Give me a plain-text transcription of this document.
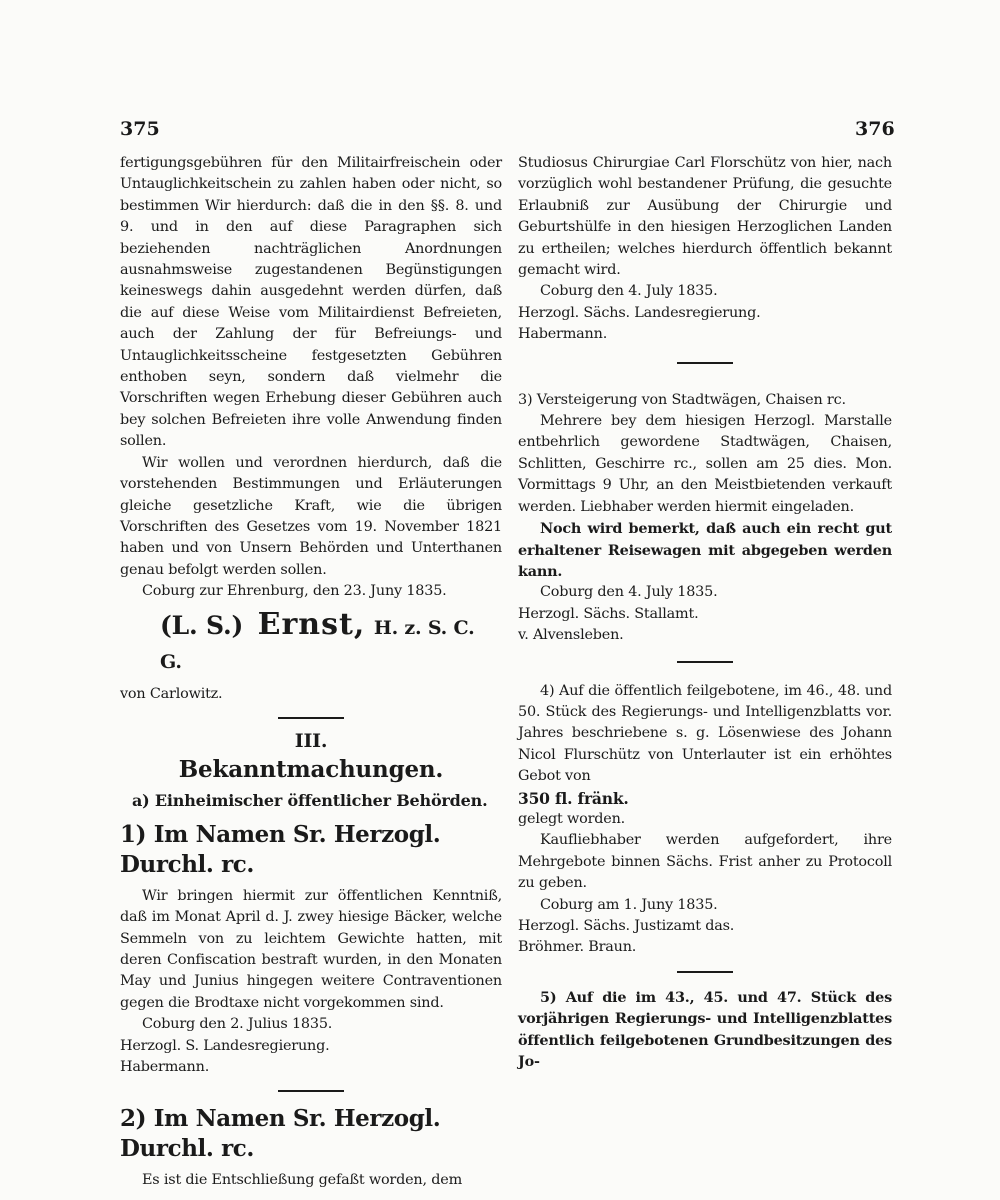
375	376

fertigungsgebühren für den Militairfreischein oder Untauglichkeitschein zu zahlen haben oder nicht, so bestimmen Wir hierdurch: daß die in den §§. 8. und 9. und in den auf diese Paragraphen sich beziehenden nachträglichen Anordnungen ausnahmsweise zugestandenen Begünstigungen keineswegs dahin ausgedehnt werden dürfen, daß die auf diese Weise vom Militairdienst Befreieten, auch der Zahlung der für Befreiungs- und Untauglichkeitsscheine festgesetzten Gebühren enthoben seyn, sondern daß vielmehr die Vorschriften wegen Erhebung dieser Gebühren auch bey solchen Befreieten ihre volle Anwendung finden sollen.

Wir wollen und verordnen hierdurch, daß die vorstehenden Bestimmungen und Erläuterungen gleiche gesetzliche Kraft, wie die übrigen Vorschriften des Gesetzes vom 19. November 1821 haben und von Unsern Behörden und Unterthanen genau befolgt werden sollen.

Coburg zur Ehrenburg, den 23. Juny 1835.

(L. S.) Ernst, H. z. S. C. G.

von Carlowitz.

III.
Bekanntmachungen.
a) Einheimischer öffentlicher Behörden.
1) Im Namen Sr. Herzogl. Durchl. rc.

Wir bringen hiermit zur öffentlichen Kenntniß, daß im Monat April d. J. zwey hiesige Bäcker, welche Semmeln von zu leichtem Gewichte hatten, mit deren Confiscation bestraft wurden, in den Monaten May und Junius hingegen weitere Contraventionen gegen die Brodtaxe nicht vorgekommen sind.

Coburg den 2. Julius 1835.

Herzogl. S. Landesregierung.

Habermann.

2) Im Namen Sr. Herzogl. Durchl. rc.

Es ist die Entschließung gefaßt worden, dem

Studiosus Chirurgiae Carl Florschütz von hier, nach vorzüglich wohl bestandener Prüfung, die gesuchte Erlaubniß zur Ausübung der Chirurgie und Geburtshülfe in den hiesigen Herzoglichen Landen zu ertheilen; welches hierdurch öffentlich bekannt gemacht wird.

Coburg den 4. July 1835.

Herzogl. Sächs. Landesregierung.

Habermann.

3) Versteigerung von Stadtwägen, Chaisen rc.

Mehrere bey dem hiesigen Herzogl. Marstalle entbehrlich gewordene Stadtwägen, Chaisen, Schlitten, Geschirre rc., sollen am 25 dies. Mon. Vormittags 9 Uhr, an den Meistbietenden verkauft werden. Liebhaber werden hiermit eingeladen.

Noch wird bemerkt, daß auch ein recht gut erhaltener Reisewagen mit abgegeben werden kann.

Coburg den 4. July 1835.

Herzogl. Sächs. Stallamt.

v. Alvensleben.

4) Auf die öffentlich feilgebotene, im 46., 48. und 50. Stück des Regierungs- und Intelligenzblatts vor. Jahres beschriebene s. g. Lösenwiese des Johann Nicol Flurschütz von Unterlauter ist ein erhöhtes Gebot von

350 fl. fränk.

gelegt worden.

Kaufliebhaber werden aufgefordert, ihre Mehrgebote binnen Sächs. Frist anher zu Protocoll zu geben.

Coburg am 1. Juny 1835.

Herzogl. Sächs. Justizamt das.

Bröhmer. Braun.

5) Auf die im 43., 45. und 47. Stück des vorjährigen Regierungs- und Intelligenzblattes öffentlich feilgebotenen Grundbesitzungen des Jo-
